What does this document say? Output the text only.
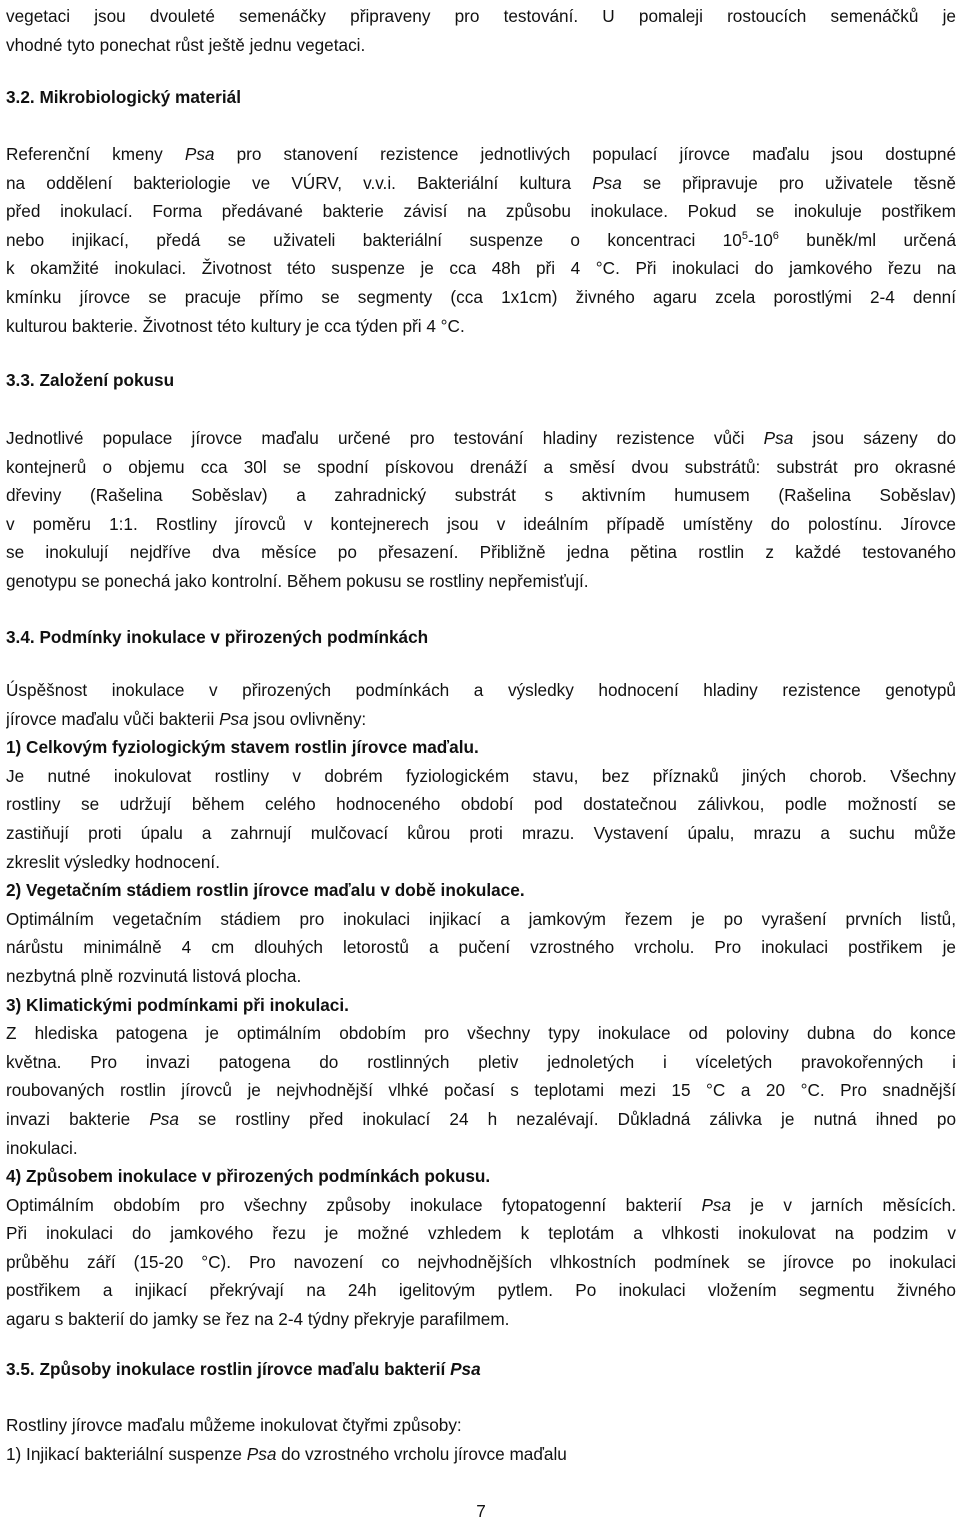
vegetaci jsou dvouleté semenáčky připraveny pro testování. U pomaleji rostoucích semenáčků je
vhodné tyto ponechat růst ještě jednu vegetaci.
3.2. Mikrobiologický materiál
Referenční kmeny Psa pro stanovení rezistence jednotlivých populací jírovce maďalu jsou dostupné
na oddělení bakteriologie ve VÚRV, v.v.i. Bakteriální kultura Psa se připravuje pro uživatele těsně
před inokulací. Forma předávané bakterie závisí na způsobu inokulace. Pokud se inokuluje postřikem
nebo injikací, předá se uživateli bakteriální suspenze o koncentraci $10^5-10^6$ buněk/ml určená
k okamžité inokulaci. Životnost této suspenze je cca 48h při 4 °C. Při inokulaci do jamkového řezu na
kmínku jírovce se pracuje přímo se segmenty (cca 1x1cm) živného agaru zcela porostlými 2-4 denní
kulturou bakterie. Životnost této kultury je cca týden při 4 °C.
3.3. Založení pokusu
Jednotlivé populace jírovce maďalu určené pro testování hladiny rezistence vůči Psa jsou sázeny do
kontejnerů o objemu cca 30l se spodní pískovou drenáží a směsí dvou substrátů: substrát pro okrasné
dřeviny (Rašelina Soběslav) a zahradnický substrát s aktivním humusem (Rašelina Soběslav)
v poměru 1:1. Rostliny jírovců v kontejnerech jsou v ideálním případě umístěny do polostínu. Jírovce
se inokulují nejdříve dva měsíce po přesazení. Přibližně jedna pětina rostlin z každé testovaného
genotypu se ponechá jako kontrolní. Během pokusu se rostliny nepřemisťují.
3.4. Podmínky inokulace v přirozených podmínkách
Úspěšnost inokulace v přirozených podmínkách a výsledky hodnocení hladiny rezistence genotypů
jírovce maďalu vůči bakterii Psa jsou ovlivněny:
1) Celkovým fyziologickým stavem rostlin jírovce maďalu.
Je nutné inokulovat rostliny v dobrém fyziologickém stavu, bez příznaků jiných chorob. Všechny
rostliny se udržují během celého hodnoceného období pod dostatečnou zálivkou, podle možností se
zastiňují proti úpalu a zahrnují mulčovací kůrou proti mrazu. Vystavení úpalu, mrazu a suchu může
zkreslit výsledky hodnocení.
2) Vegetačním stádiem rostlin jírovce maďalu v době inokulace.
Optimálním vegetačním stádiem pro inokulaci injikací a jamkovým řezem je po vyrašení prvních listů,
nárůstu minimálně 4 cm dlouhých letorostů a pučení vzrostného vrcholu. Pro inokulaci postřikem je
nezbytná plně rozvinutá listová plocha.
3) Klimatickými podmínkami při inokulaci.
Z hlediska patogena je optimálním obdobím pro všechny typy inokulace od poloviny dubna do konce
května. Pro invazi patogena do rostlinných pletiv jednoletých i víceletých pravokořenných i
roubovaných rostlin jírovců je nejvhodnější vlhké počasí s teplotami mezi 15 °C a 20 °C. Pro snadnější
invazi bakterie Psa se rostliny před inokulací 24 h nezalévají. Důkladná zálivka je nutná ihned po
inokulaci.
4) Způsobem inokulace v přirozených podmínkách pokusu.
Optimálním obdobím pro všechny způsoby inokulace fytopatogenní bakterií Psa je v jarních měsících.
Při inokulaci do jamkového řezu je možné vzhledem k teplotám a vlhkosti inokulovat na podzim v
průběhu září (15-20 °C). Pro navození co nejvhodnějších vlhkostních podmínek se jírovce po inokulaci
postřikem a injikací překrývají na 24h igelitovým pytlem. Po inokulaci vložením segmentu živného
agaru s bakterií do jamky se řez na 2-4 týdny překryje parafilmem.
3.5. Způsoby inokulace rostlin jírovce maďalu bakterií Psa
Rostliny jírovce maďalu můžeme inokulovat čtyřmi způsoby:
1) Injikací bakteriální suspenze Psa do vzrostného vrcholu jírovce maďalu
7
